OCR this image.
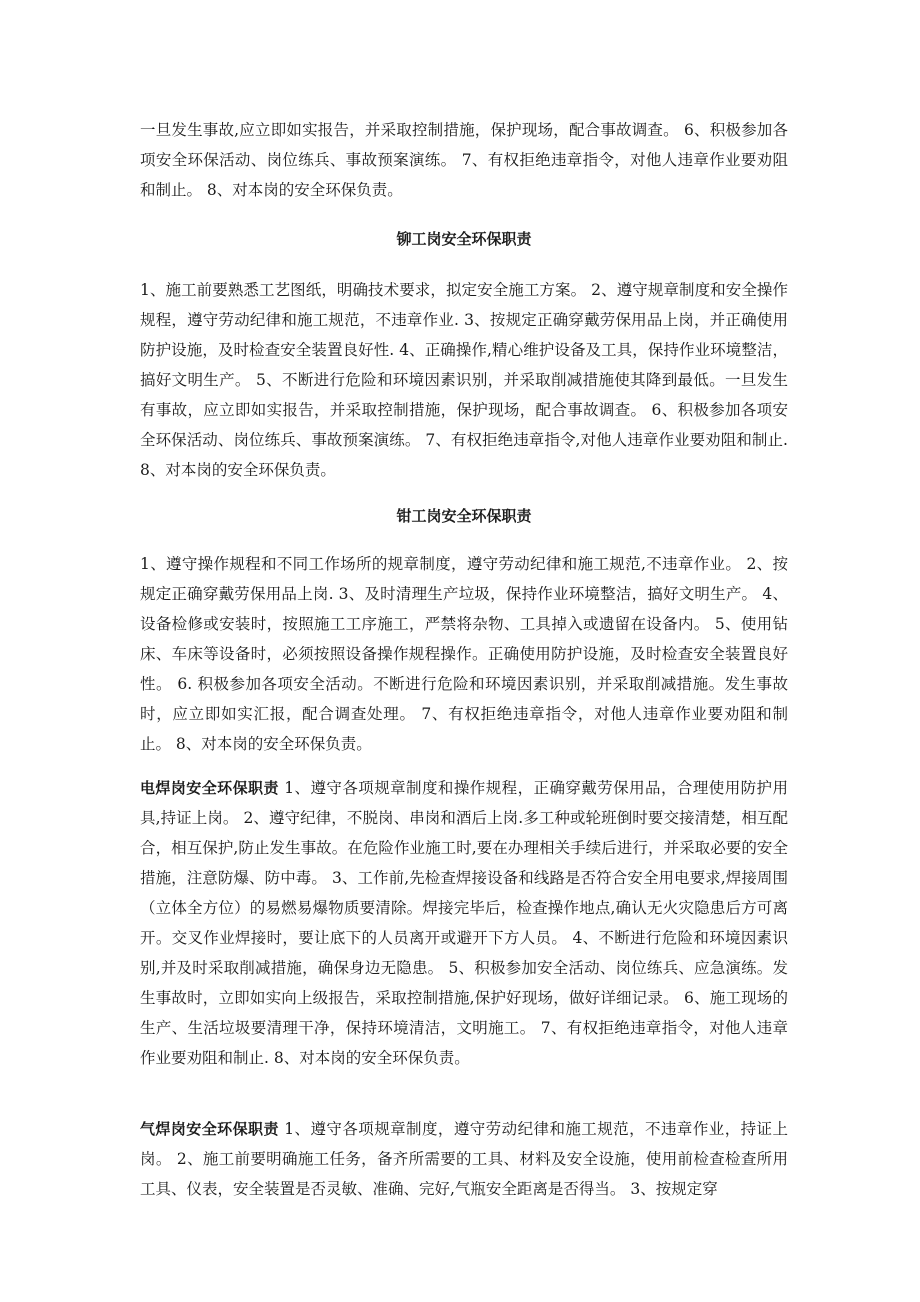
一旦发生事故,应立即如实报告，并采取控制措施，保护现场，配合事故调查。 6、积极参加各项安全环保活动、岗位练兵、事故预案演练。 7、有权拒绝违章指令，对他人违章作业要劝阻和制止。 8、对本岗的安全环保负责。

铆工岗安全环保职责

1、施工前要熟悉工艺图纸，明确技术要求，拟定安全施工方案。 2、遵守规章制度和安全操作规程，遵守劳动纪律和施工规范，不违章作业. 3、按规定正确穿戴劳保用品上岗，并正确使用防护设施，及时检查安全装置良好性. 4、正确操作,精心维护设备及工具，保持作业环境整洁，搞好文明生产。 5、不断进行危险和环境因素识别，并采取削减措施使其降到最低。一旦发生有事故，应立即如实报告，并采取控制措施，保护现场，配合事故调查。 6、积极参加各项安全环保活动、岗位练兵、事故预案演练。 7、有权拒绝违章指令,对他人违章作业要劝阻和制止. 8、对本岗的安全环保负责。

钳工岗安全环保职责

1、遵守操作规程和不同工作场所的规章制度，遵守劳动纪律和施工规范,不违章作业。 2、按规定正确穿戴劳保用品上岗. 3、及时清理生产垃圾，保持作业环境整洁，搞好文明生产。 4、设备检修或安装时，按照施工工序施工，严禁将杂物、工具掉入或遗留在设备内。 5、使用钻床、车床等设备时，必须按照设备操作规程操作。正确使用防护设施，及时检查安全装置良好性。 6. 积极参加各项安全活动。不断进行危险和环境因素识别，并采取削减措施。发生事故时，应立即如实汇报，配合调查处理。 7、有权拒绝违章指令，对他人违章作业要劝阻和制止。 8、对本岗的安全环保负责。

电焊岗安全环保职责 1、遵守各项规章制度和操作规程，正确穿戴劳保用品，合理使用防护用具,持证上岗。 2、遵守纪律，不脱岗、串岗和酒后上岗.多工种或轮班倒时要交接清楚，相互配合，相互保护,防止发生事故。在危险作业施工时,要在办理相关手续后进行，并采取必要的安全措施，注意防爆、防中毒。 3、工作前,先检查焊接设备和线路是否符合安全用电要求,焊接周围（立体全方位）的易燃易爆物质要清除。焊接完毕后，检查操作地点,确认无火灾隐患后方可离开。交叉作业焊接时，要让底下的人员离开或避开下方人员。 4、不断进行危险和环境因素识别,并及时采取削减措施，确保身边无隐患。 5、积极参加安全活动、岗位练兵、应急演练。发生事故时，立即如实向上级报告，采取控制措施,保护好现场，做好详细记录。 6、施工现场的生产、生活垃圾要清理干净，保持环境清洁，文明施工。 7、有权拒绝违章指令，对他人违章作业要劝阻和制止. 8、对本岗的安全环保负责。

气焊岗安全环保职责 1、遵守各项规章制度，遵守劳动纪律和施工规范，不违章作业，持证上岗。 2、施工前要明确施工任务，备齐所需要的工具、材料及安全设施，使用前检查检查所用工具、仪表，安全装置是否灵敏、准确、完好,气瓶安全距离是否得当。 3、按规定穿
